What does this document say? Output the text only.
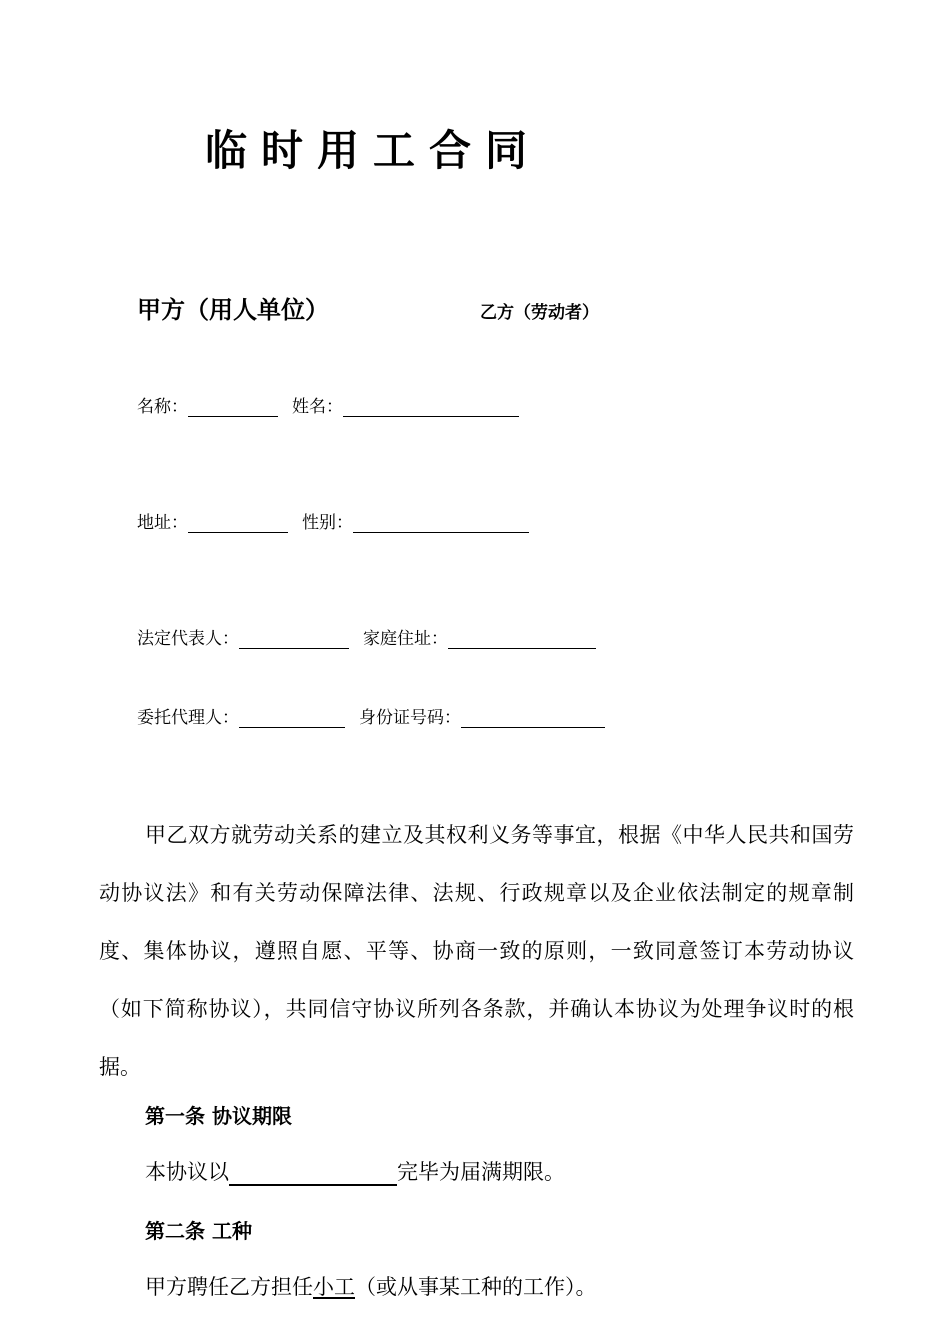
临时用工合同
甲方（用人单位）	乙方（劳动者）
名称：	姓名：
地址：	性别：
法定代表人：	家庭住址：
委托代理人：	身份证号码：

甲乙双方就劳动关系的建立及其权利义务等事宜，根据《中华人民共和国劳动协议法》和有关劳动保障法律、法规、行政规章以及企业依法制定的规章制度、集体协议，遵照自愿、平等、协商一致的原则，一致同意签订本劳动协议（如下简称协议），共同信守协议所列各条款，并确认本协议为处理争议时的根据。

第一条 协议期限
本协议以	完毕为届满期限。
第二条 工种
甲方聘任乙方担任 小工 （或从事某工种的工作）。
